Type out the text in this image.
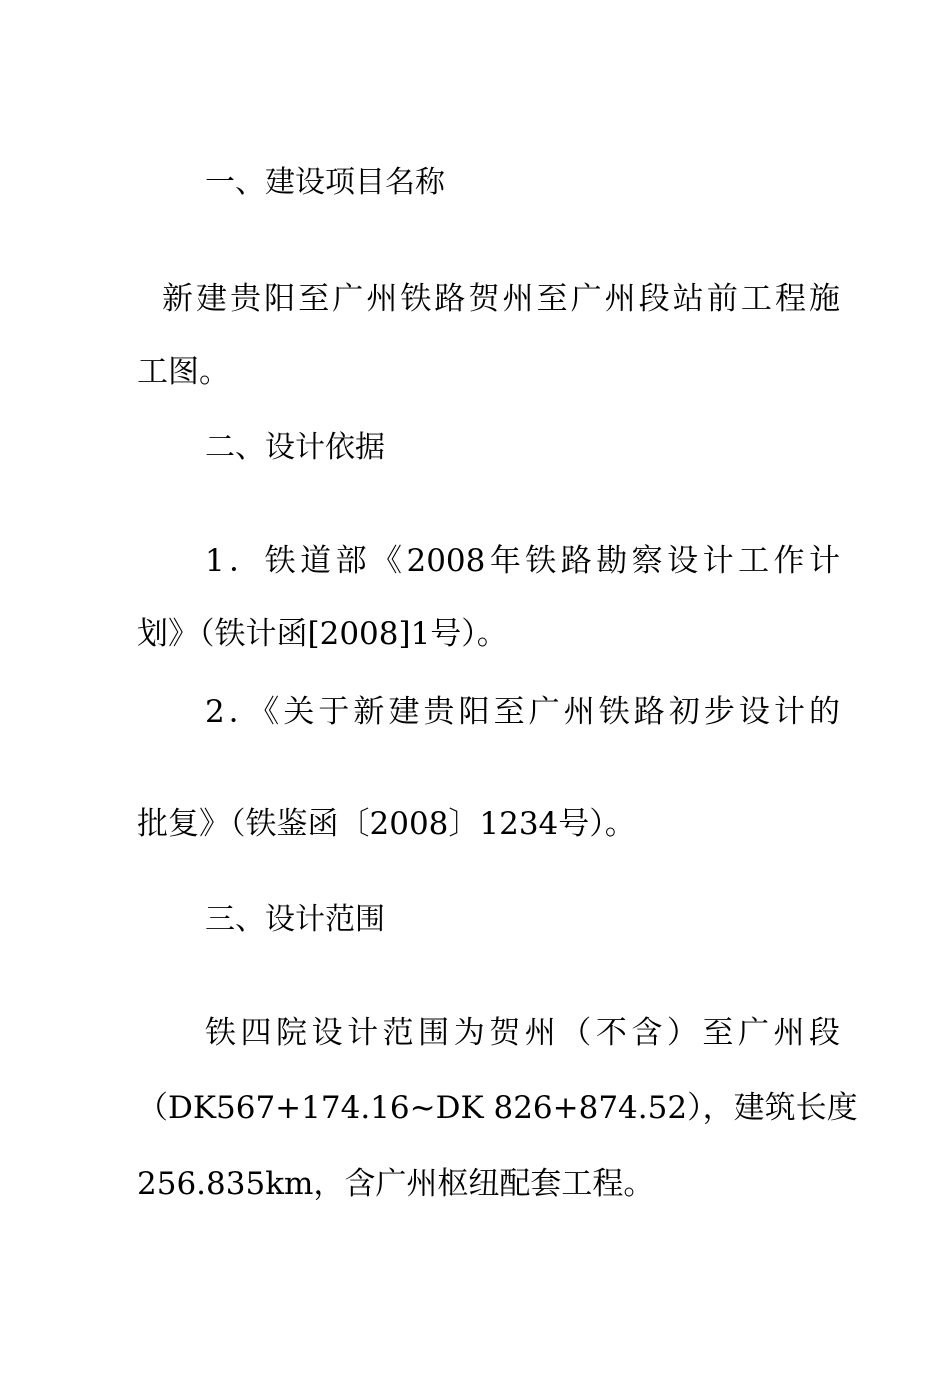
一、建设项目名称
新建贵阳至广州铁路贺州至广州段站前工程施
工图。
二、设计依据
1．铁道部《2008年铁路勘察设计工作计
划》（铁计函[2008]1号）。
2．《关于新建贵阳至广州铁路初步设计的
批复》（铁鉴函〔2008〕1234号）。
三、设计范围
铁四院设计范围为贺州（不含）至广州段
（DK567+174.16~DK 826+874.52），建筑长度
256.835km，含广州枢纽配套工程。
